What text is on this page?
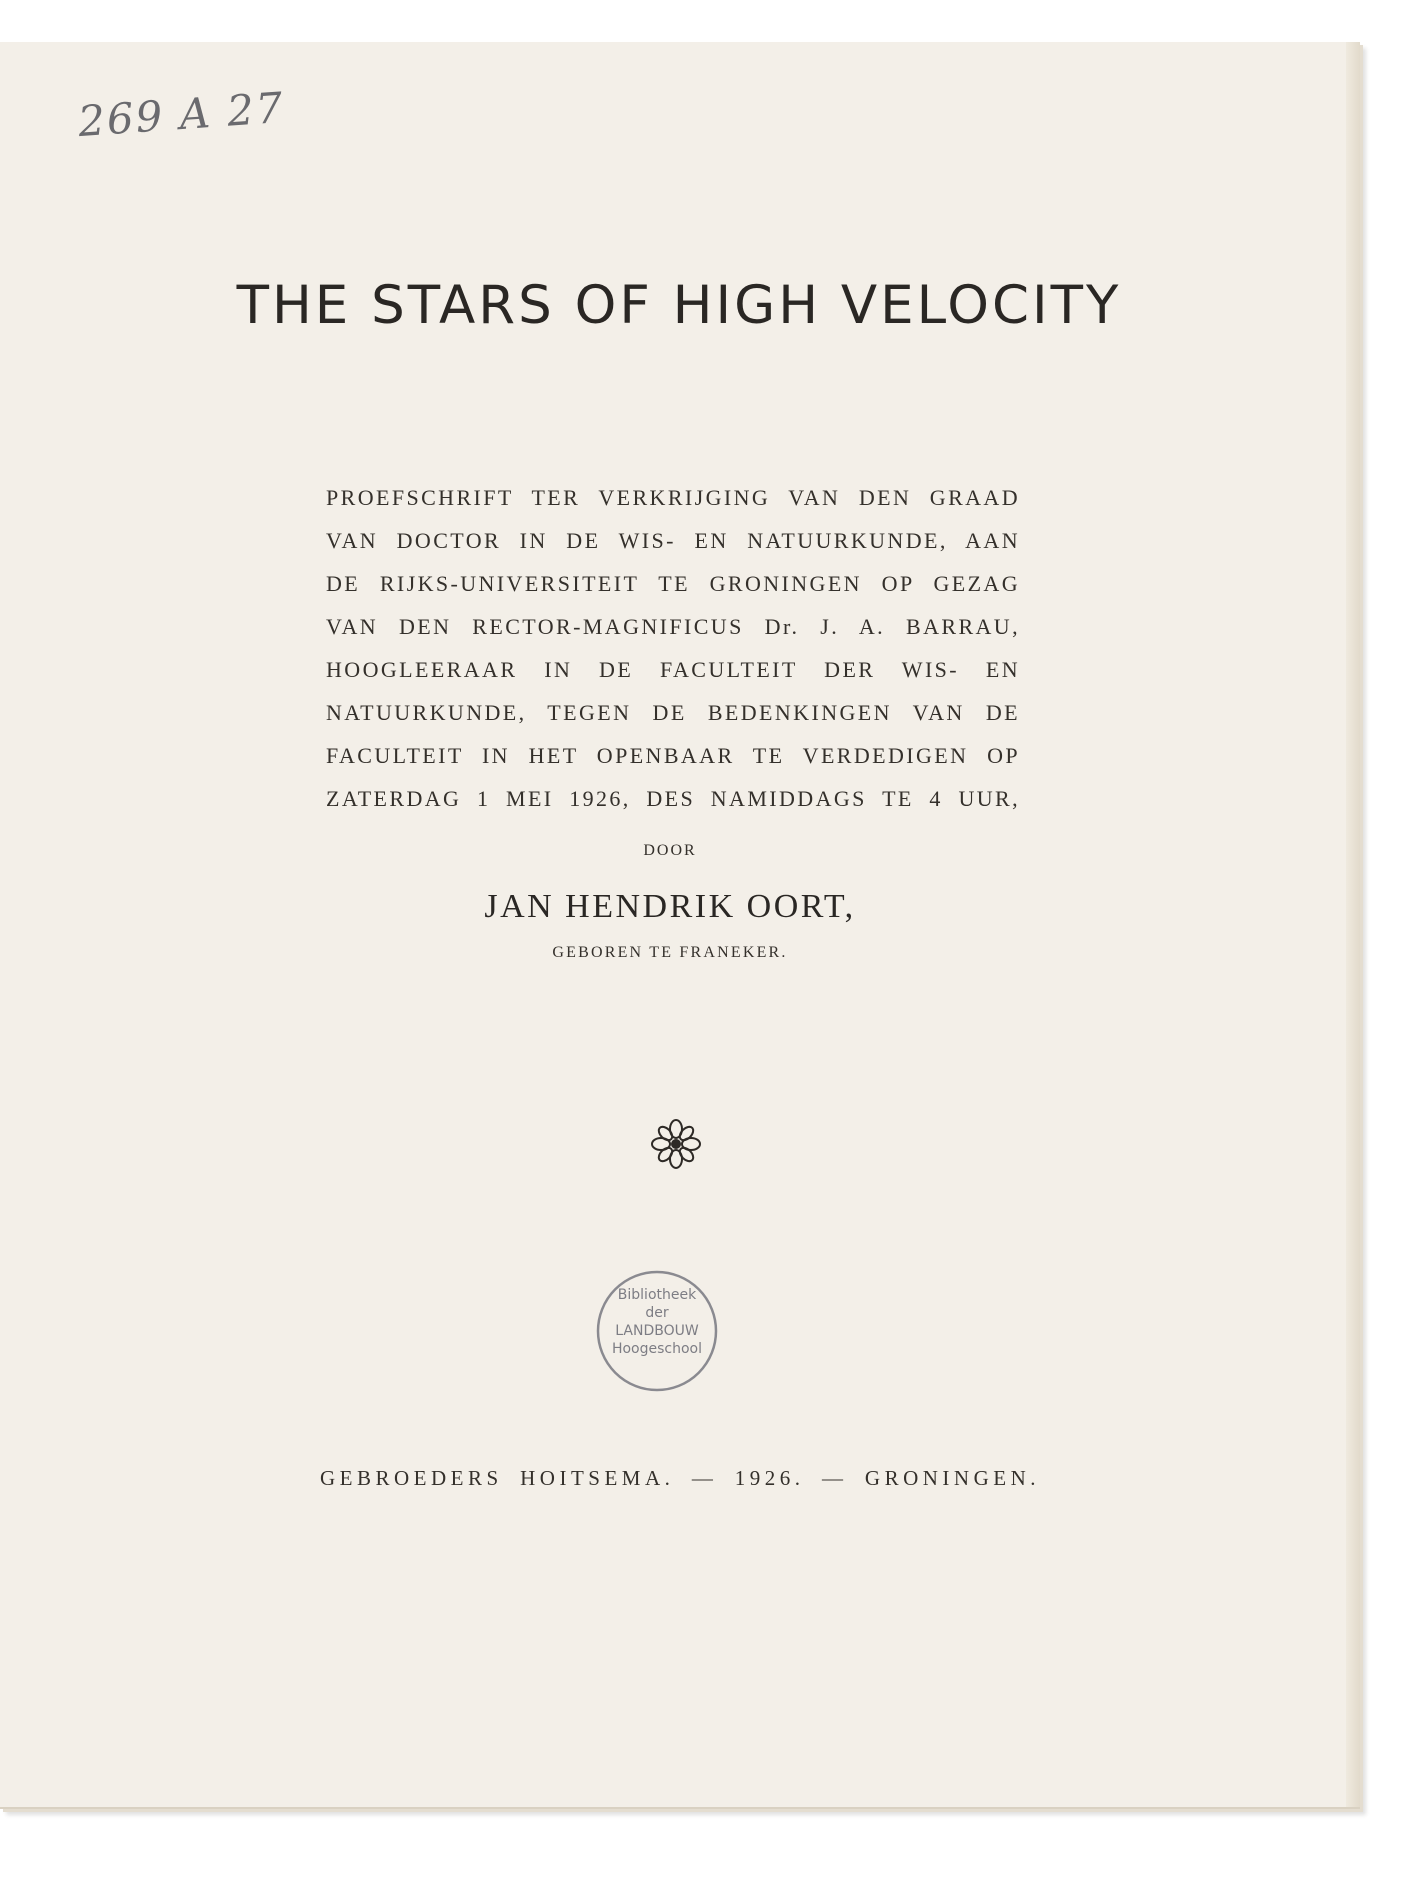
269 A 27
THE STARS OF HIGH VELOCITY
PROEFSCHRIFT TER VERKRIJGING VAN DEN GRAAD
VAN DOCTOR IN DE WIS- EN NATUURKUNDE, AAN
DE RIJKS-UNIVERSITEIT TE GRONINGEN OP GEZAG
VAN DEN RECTOR-MAGNIFICUS Dr. J. A. BARRAU,
HOOGLEERAAR IN DE FACULTEIT DER WIS- EN
NATUURKUNDE, TEGEN DE BEDENKINGEN VAN DE
FACULTEIT IN HET OPENBAAR TE VERDEDIGEN OP
ZATERDAG 1 MEI 1926, DES NAMIDDAGS TE 4 UUR,
DOOR
JAN HENDRIK OORT,
GEBOREN TE FRANEKER.
Bibliotheek
der
LANDBOUW
Hoogeschool
GEBROEDERS HOITSEMA. — 1926. — GRONINGEN.
